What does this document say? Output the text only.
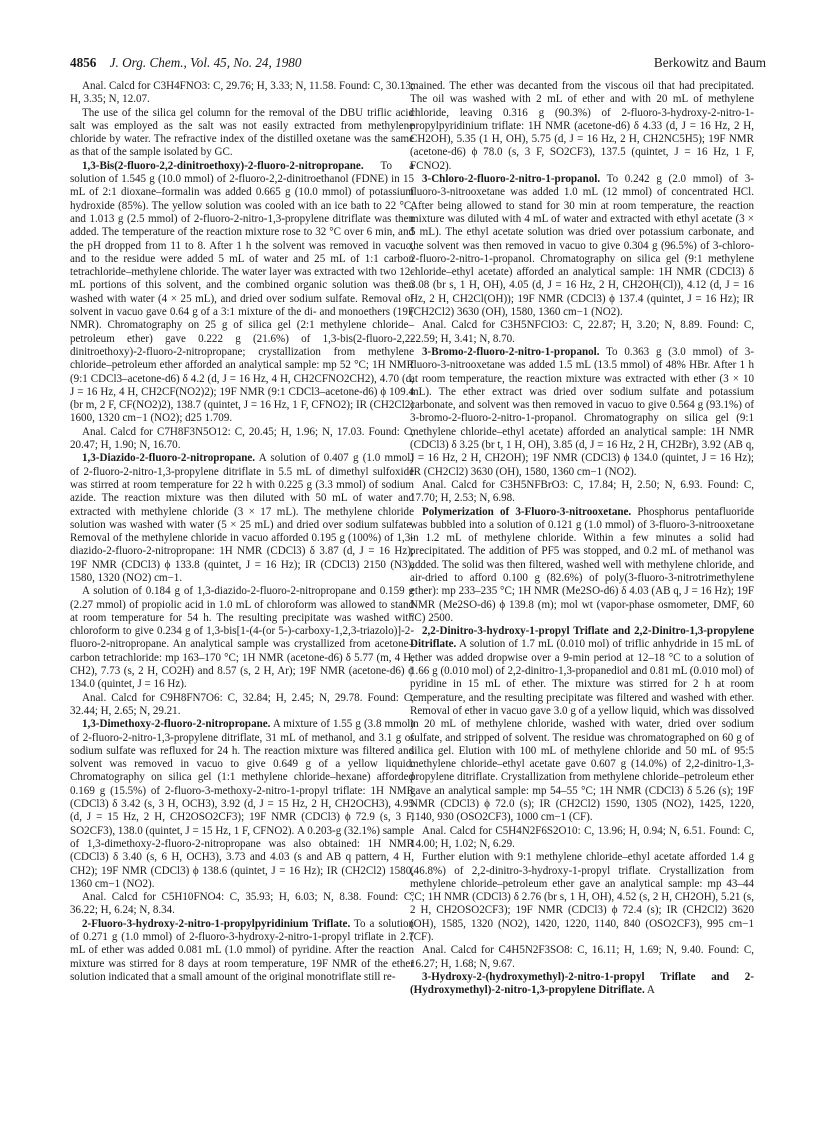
4856 J. Org. Chem., Vol. 45, No. 24, 1980	Berkowitz and Baum

Anal. Calcd for C3H4FNO3: C, 29.76; H, 3.33; N, 11.58. Found: C, 30.13; H, 3.35; N, 12.07.

The use of the silica gel column for the removal of the DBU triflic acid salt was employed as the salt was not easily extracted from methylene chloride by water. The refractive index of the distilled oxetane was the same as that of the sample isolated by GC.

1,3-Bis(2-fluoro-2,2-dinitroethoxy)-2-fluoro-2-nitropropane. To a solution of 1.545 g (10.0 mmol) of 2-fluoro-2,2-dinitroethanol (FDNE) in 15 mL of 2:1 dioxane–formalin was added 0.665 g (10.0 mmol) of potassium hydroxide (85%). The yellow solution was cooled with an ice bath to 22 °C, and 1.013 g (2.5 mmol) of 2-fluoro-2-nitro-1,3-propylene ditriflate was then added. The temperature of the reaction mixture rose to 32 °C over 6 min, and the pH dropped from 11 to 8. After 1 h the solvent was removed in vacuo, and to the residue were added 5 mL of water and 25 mL of 1:1 carbon tetrachloride–methylene chloride. The water layer was extracted with two 12-mL portions of this solvent, and the combined organic solution was then washed with water (4 × 25 mL), and dried over sodium sulfate. Removal of solvent in vacuo gave 0.64 g of a 3:1 mixture of the di- and monoethers (19F NMR). Chromatography on 25 g of silica gel (2:1 methylene chloride–petroleum ether) gave 0.222 g (21.6%) of 1,3-bis(2-fluoro-2,2-dinitroethoxy)-2-fluoro-2-nitropropane; crystallization from methylene chloride–petroleum ether afforded an analytical sample: mp 52 °C; 1H NMR (9:1 CDCl3–acetone-d6) δ 4.2 (d, J = 16 Hz, 4 H, CH2CFNO2CH2), 4.70 (d, J = 16 Hz, 4 H, CH2CF(NO2)2); 19F NMR (9:1 CDCl3–acetone-d6) ϕ 109.4 (br m, 2 F, CF(NO2)2), 138.7 (quintet, J = 16 Hz, 1 F, CFNO2); IR (CH2Cl2) 1600, 1320 cm−1 (NO2); d25 1.709.

Anal. Calcd for C7H8F3N5O12: C, 20.45; H, 1.96; N, 17.03. Found: C, 20.47; H, 1.90; N, 16.70.

1,3-Diazido-2-fluoro-2-nitropropane. A solution of 0.407 g (1.0 mmol) of 2-fluoro-2-nitro-1,3-propylene ditriflate in 5.5 mL of dimethyl sulfoxide was stirred at room temperature for 22 h with 0.225 g (3.3 mmol) of sodium azide. The reaction mixture was then diluted with 50 mL of water and extracted with methylene chloride (3 × 17 mL). The methylene chloride solution was washed with water (5 × 25 mL) and dried over sodium sulfate. Removal of the methylene chloride in vacuo afforded 0.195 g (100%) of 1,3-diazido-2-fluoro-2-nitropropane: 1H NMR (CDCl3) δ 3.87 (d, J = 16 Hz); 19F NMR (CDCl3) ϕ 133.8 (quintet, J = 16 Hz); IR (CDCl3) 2150 (N3), 1580, 1320 (NO2) cm−1.

A solution of 0.184 g of 1,3-diazido-2-fluoro-2-nitropropane and 0.159 g (2.27 mmol) of propiolic acid in 1.0 mL of chloroform was allowed to stand at room temperature for 54 h. The resulting precipitate was washed with chloroform to give 0.234 g of 1,3-bis[1-(4-(or 5-)-carboxy-1,2,3-triazolo)]-2-fluoro-2-nitropropane. An analytical sample was crystallized from acetone–carbon tetrachloride: mp 163–170 °C; 1H NMR (acetone-d6) δ 5.77 (m, 4 H, CH2), 7.73 (s, 2 H, CO2H) and 8.57 (s, 2 H, Ar); 19F NMR (acetone-d6) ϕ 134.0 (quintet, J = 16 Hz).

Anal. Calcd for C9H8FN7O6: C, 32.84; H, 2.45; N, 29.78. Found: C, 32.44; H, 2.65; N, 29.21.

1,3-Dimethoxy-2-fluoro-2-nitropropane. A mixture of 1.55 g (3.8 mmol) of 2-fluoro-2-nitro-1,3-propylene ditriflate, 31 mL of methanol, and 3.1 g of sodium sulfate was refluxed for 24 h. The reaction mixture was filtered and solvent was removed in vacuo to give 0.649 g of a yellow liquid. Chromatography on silica gel (1:1 methylene chloride–hexane) afforded 0.169 g (15.5%) of 2-fluoro-3-methoxy-2-nitro-1-propyl triflate: 1H NMR (CDCl3) δ 3.42 (s, 3 H, OCH3), 3.92 (d, J = 15 Hz, 2 H, CH2OCH3), 4.95 (d, J = 15 Hz, 2 H, CH2OSO2CF3); 19F NMR (CDCl3) ϕ 72.9 (s, 3 F, SO2CF3), 138.0 (quintet, J = 15 Hz, 1 F, CFNO2). A 0.203-g (32.1%) sample of 1,3-dimethoxy-2-fluoro-2-nitropropane was also obtained: 1H NMR (CDCl3) δ 3.40 (s, 6 H, OCH3), 3.73 and 4.03 (s and AB q pattern, 4 H, CH2); 19F NMR (CDCl3) ϕ 138.6 (quintet, J = 16 Hz); IR (CH2Cl2) 1580, 1360 cm−1 (NO2).

Anal. Calcd for C5H10FNO4: C, 35.93; H, 6.03; N, 8.38. Found: C, 36.22; H, 6.24; N, 8.34.

2-Fluoro-3-hydroxy-2-nitro-1-propylpyridinium Triflate. To a solution of 0.271 g (1.0 mmol) of 2-fluoro-3-hydroxy-2-nitro-1-propyl triflate in 2.7 mL of ether was added 0.081 mL (1.0 mmol) of pyridine. After the reaction mixture was stirred for 8 days at room temperature, 19F NMR of the ether solution indicated that a small amount of the original monotriflate still re-

mained. The ether was decanted from the viscous oil that had precipitated. The oil was washed with 2 mL of ether and with 20 mL of methylene chloride, leaving 0.316 g (90.3%) of 2-fluoro-3-hydroxy-2-nitro-1-propylpyridinium triflate: 1H NMR (acetone-d6) δ 4.33 (d, J = 16 Hz, 2 H, CH2OH), 5.35 (1 H, OH), 5.75 (d, J = 16 Hz, 2 H, CH2NC5H5); 19F NMR (acetone-d6) ϕ 78.0 (s, 3 F, SO2CF3), 137.5 (quintet, J = 16 Hz, 1 F, FCNO2).

3-Chloro-2-fluoro-2-nitro-1-propanol. To 0.242 g (2.0 mmol) of 3-fluoro-3-nitrooxetane was added 1.0 mL (12 mmol) of concentrated HCl. After being allowed to stand for 30 min at room temperature, the reaction mixture was diluted with 4 mL of water and extracted with ethyl acetate (3 × 5 mL). The ethyl acetate solution was dried over potassium carbonate, and the solvent was then removed in vacuo to give 0.304 g (96.5%) of 3-chloro-2-fluoro-2-nitro-1-propanol. Chromatography on silica gel (9:1 methylene chloride–ethyl acetate) afforded an analytical sample: 1H NMR (CDCl3) δ 3.08 (br s, 1 H, OH), 4.05 (d, J = 16 Hz, 2 H, CH2OH(Cl)), 4.12 (d, J = 16 Hz, 2 H, CH2Cl(OH)); 19F NMR (CDCl3) ϕ 137.4 (quintet, J = 16 Hz); IR (CH2Cl2) 3630 (OH), 1580, 1360 cm−1 (NO2).

Anal. Calcd for C3H5NFClO3: C, 22.87; H, 3.20; N, 8.89. Found: C, 22.59; H, 3.41; N, 8.70.

3-Bromo-2-fluoro-2-nitro-1-propanol. To 0.363 g (3.0 mmol) of 3-fluoro-3-nitrooxetane was added 1.5 mL (13.5 mmol) of 48% HBr. After 1 h at room temperature, the reaction mixture was extracted with ether (3 × 10 mL). The ether extract was dried over sodium sulfate and potassium carbonate, and solvent was then removed in vacuo to give 0.564 g (93.1%) of 3-bromo-2-fluoro-2-nitro-1-propanol. Chromatography on silica gel (9:1 methylene chloride–ethyl acetate) afforded an analytical sample: 1H NMR (CDCl3) δ 3.25 (br t, 1 H, OH), 3.85 (d, J = 16 Hz, 2 H, CH2Br), 3.92 (AB q, J = 16 Hz, 2 H, CH2OH); 19F NMR (CDCl3) ϕ 134.0 (quintet, J = 16 Hz); IR (CH2Cl2) 3630 (OH), 1580, 1360 cm−1 (NO2).

Anal. Calcd for C3H5NFBrO3: C, 17.84; H, 2.50; N, 6.93. Found: C, 17.70; H, 2.53; N, 6.98.

Polymerization of 3-Fluoro-3-nitrooxetane. Phosphorus pentafluoride was bubbled into a solution of 0.121 g (1.0 mmol) of 3-fluoro-3-nitrooxetane in 1.2 mL of methylene chloride. Within a few minutes a solid had precipitated. The addition of PF5 was stopped, and 0.2 mL of methanol was added. The solid was then filtered, washed well with methylene chloride, and air-dried to afford 0.100 g (82.6%) of poly(3-fluoro-3-nitrotrimethylene ether): mp 233–235 °C; 1H NMR (Me2SO-d6) δ 4.03 (AB q, J = 16 Hz); 19F NMR (Me2SO-d6) ϕ 139.8 (m); mol wt (vapor-phase osmometer, DMF, 60 °C) 2500.

2,2-Dinitro-3-hydroxy-1-propyl Triflate and 2,2-Dinitro-1,3-propylene Ditriflate. A solution of 1.7 mL (0.010 mol) of triflic anhydride in 15 mL of ether was added dropwise over a 9-min period at 12–18 °C to a solution of 1.66 g (0.010 mol) of 2,2-dinitro-1,3-propanediol and 0.81 mL (0.010 mol) of pyridine in 15 mL of ether. The mixture was stirred for 2 h at room temperature, and the resulting precipitate was filtered and washed with ether. Removal of ether in vacuo gave 3.0 g of a yellow liquid, which was dissolved in 20 mL of methylene chloride, washed with water, dried over sodium sulfate, and stripped of solvent. The residue was chromatographed on 60 g of silica gel. Elution with 100 mL of methylene chloride and 50 mL of 95:5 methylene chloride–ethyl acetate gave 0.607 g (14.0%) of 2,2-dinitro-1,3-propylene ditriflate. Crystallization from methylene chloride–petroleum ether gave an analytical sample: mp 54–55 °C; 1H NMR (CDCl3) δ 5.26 (s); 19F NMR (CDCl3) ϕ 72.0 (s); IR (CH2Cl2) 1590, 1305 (NO2), 1425, 1220, 1140, 930 (OSO2CF3), 1000 cm−1 (CF).

Anal. Calcd for C5H4N2F6S2O10: C, 13.96; H, 0.94; N, 6.51. Found: C, 14.00; H, 1.02; N, 6.29.

Further elution with 9:1 methylene chloride–ethyl acetate afforded 1.4 g (46.8%) of 2,2-dinitro-3-hydroxy-1-propyl triflate. Crystallization from methylene chloride–petroleum ether gave an analytical sample: mp 43–44 °C; 1H NMR (CDCl3) δ 2.76 (br s, 1 H, OH), 4.52 (s, 2 H, CH2OH), 5.21 (s, 2 H, CH2OSO2CF3); 19F NMR (CDCl3) ϕ 72.4 (s); IR (CH2Cl2) 3620 (OH), 1585, 1320 (NO2), 1420, 1220, 1140, 840 (OSO2CF3), 995 cm−1 (CF).

Anal. Calcd for C4H5N2F3SO8: C, 16.11; H, 1.69; N, 9.40. Found: C, 16.27; H, 1.68; N, 9.67.

3-Hydroxy-2-(hydroxymethyl)-2-nitro-1-propyl Triflate and 2-(Hydroxymethyl)-2-nitro-1,3-propylene Ditriflate. A
